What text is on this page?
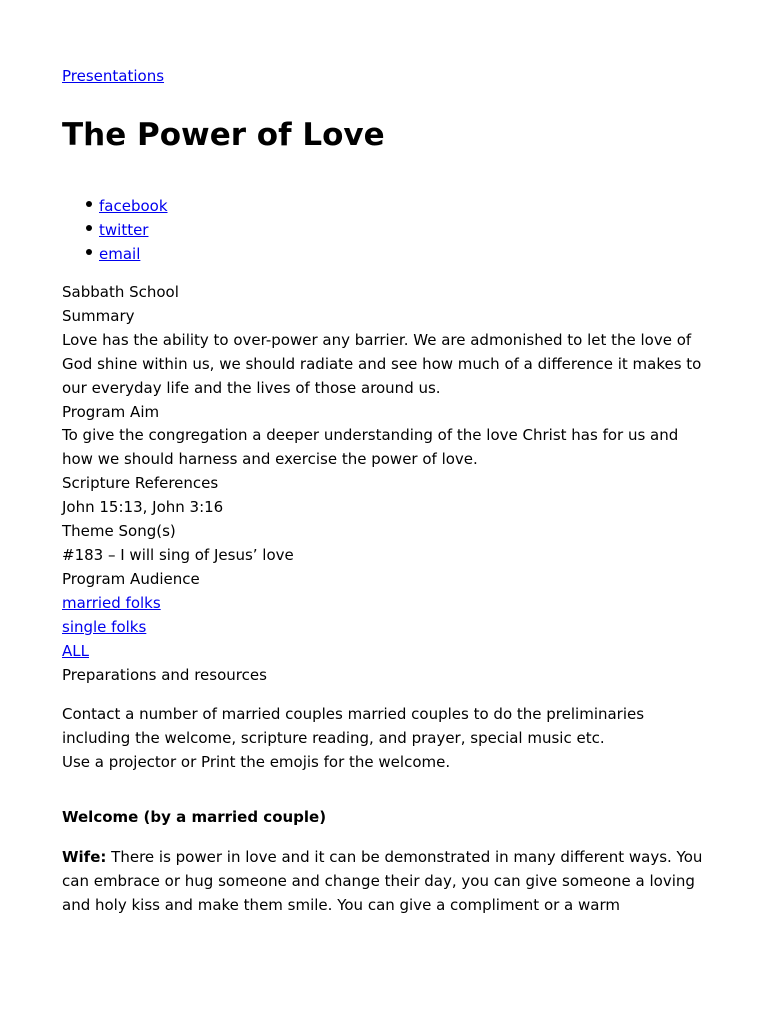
Presentations
The Power of Love
facebook
twitter
email
Sabbath School
Summary
Love has the ability to over-power any barrier. We are admonished to let the love of God shine within us, we should radiate and see how much of a difference it makes to our everyday life and the lives of those around us.
Program Aim
To give the congregation a deeper understanding of the love Christ has for us and how we should harness and exercise the power of love.
Scripture References
John 15:13, John 3:16
Theme Song(s)
#183 – I will sing of Jesus’ love
Program Audience
married folks
single folks
ALL
Preparations and resources

Contact a number of married couples married couples to do the preliminaries including the welcome, scripture reading, and prayer, special music etc.
Use a projector or Print the emojis for the welcome.

Welcome (by a married couple)

Wife: There is power in love and it can be demonstrated in many different ways. You can embrace or hug someone and change their day, you can give someone a loving and holy kiss and make them smile. You can give a compliment or a warm
